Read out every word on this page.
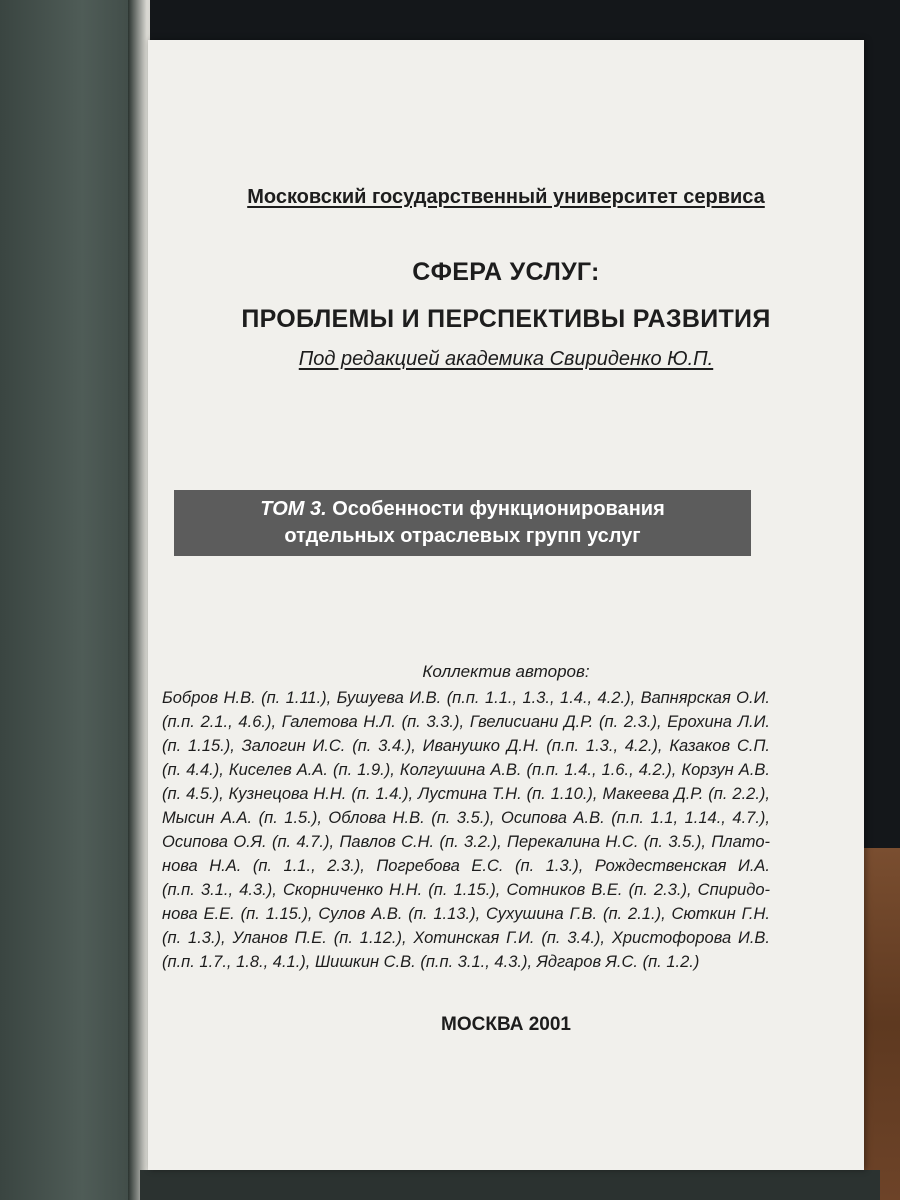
Московский государственный университет сервиса
СФЕРА УСЛУГ:
ПРОБЛЕМЫ И ПЕРСПЕКТИВЫ РАЗВИТИЯ
Под редакцией академика Свириденко Ю.П.
ТОМ 3. Особенности функционирования
отдельных отраслевых групп услуг
Коллектив авторов:
Бобров Н.В. (п. 1.11.), Бушуева И.В. (п.п. 1.1., 1.3., 1.4., 4.2.), Вапнярская О.И.
(п.п. 2.1., 4.6.), Галетова Н.Л. (п. 3.3.), Гвелисиани Д.Р. (п. 2.3.), Ерохина Л.И.
(п. 1.15.), Залогин И.С. (п. 3.4.), Иванушко Д.Н. (п.п. 1.3., 4.2.), Казаков С.П.
(п. 4.4.), Киселев А.А. (п. 1.9.), Колгушина А.В. (п.п. 1.4., 1.6., 4.2.), Корзун А.В.
(п. 4.5.), Кузнецова Н.Н. (п. 1.4.), Лустина Т.Н. (п. 1.10.), Макеева Д.Р. (п. 2.2.),
Мысин А.А. (п. 1.5.), Облова Н.В. (п. 3.5.), Осипова А.В. (п.п. 1.1, 1.14., 4.7.),
Осипова О.Я. (п. 4.7.), Павлов С.Н. (п. 3.2.), Перекалина Н.С. (п. 3.5.), Плато-
нова Н.А. (п. 1.1., 2.3.), Погребова Е.С. (п. 1.3.), Рождественская И.А.
(п.п. 3.1., 4.3.), Скорниченко Н.Н. (п. 1.15.), Сотников В.Е. (п. 2.3.), Спиридо-
нова Е.Е. (п. 1.15.), Сулов А.В. (п. 1.13.), Сухушина Г.В. (п. 2.1.), Сюткин Г.Н.
(п. 1.3.), Уланов П.Е. (п. 1.12.), Хотинская Г.И. (п. 3.4.), Христофорова И.В.
(п.п. 1.7., 1.8., 4.1.), Шишкин С.В. (п.п. 3.1., 4.3.), Ядгаров Я.С. (п. 1.2.)
МОСКВА 2001
